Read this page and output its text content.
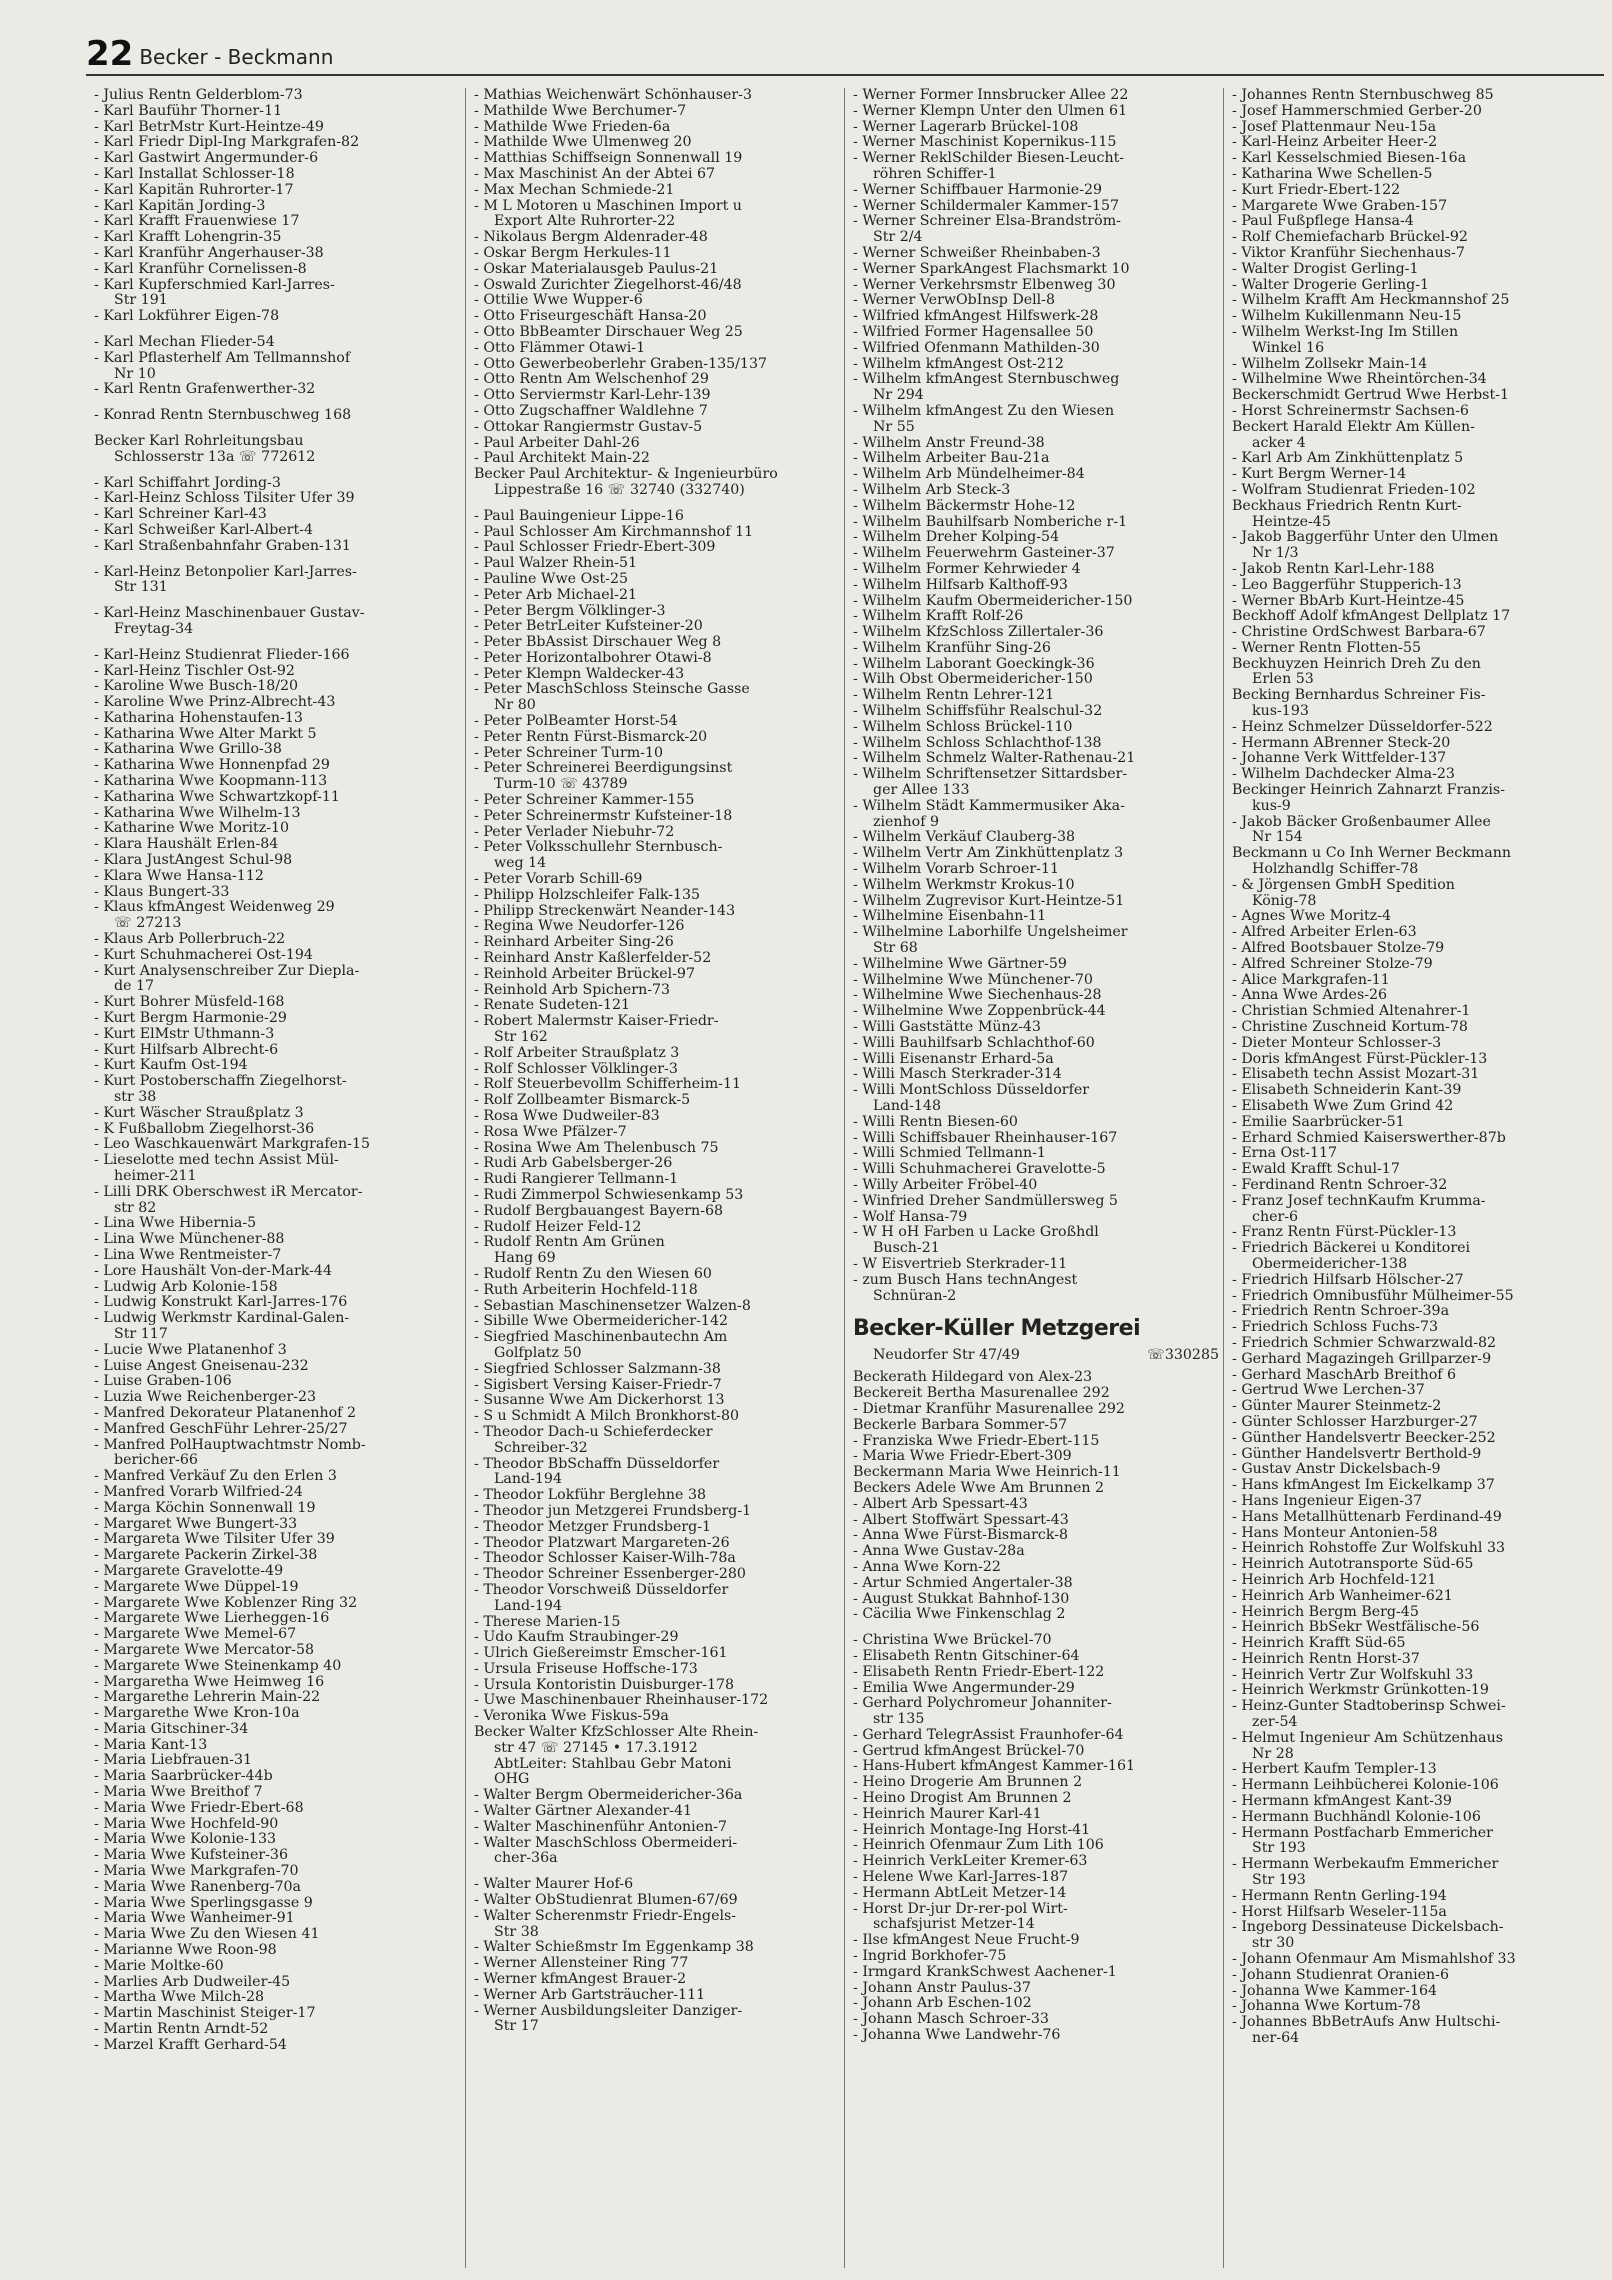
22 Becker - Beckmann
- Julius Rentn Gelderblom-73
- Karl Bauführ Thorner-11
- Karl BetrMstr Kurt-Heintze-49
- Karl Friedr Dipl-Ing Markgrafen-82
- Karl Gastwirt Angermunder-6
- Karl Installat Schlosser-18
- Karl Kapitän Ruhrorter-17
- Karl Kapitän Jording-3
- Karl Krafft Frauenwiese 17
- Karl Krafft Lohengrin-35
- Karl Kranführ Angerhauser-38
- Karl Kranführ Cornelissen-8
- Karl Kupferschmied Karl-Jarres-
Str 191
- Karl Lokführer Eigen-78
- Karl Mechan Flieder-54
- Karl Pflasterhelf Am Tellmannshof
Nr 10
- Karl Rentn Grafenwerther-32
- Konrad Rentn Sternbuschweg 168
Becker Karl Rohrleitungsbau
Schlosserstr 13a ☏ 772612
- Karl Schiffahrt Jording-3
- Karl-Heinz Schloss Tilsiter Ufer 39
- Karl Schreiner Karl-43
- Karl Schweißer Karl-Albert-4
- Karl Straßenbahnfahr Graben-131
- Karl-Heinz Betonpolier Karl-Jarres-
Str 131
- Karl-Heinz Maschinenbauer Gustav-
Freytag-34
- Karl-Heinz Studienrat Flieder-166
- Karl-Heinz Tischler Ost-92
- Karoline Wwe Busch-18/20
- Karoline Wwe Prinz-Albrecht-43
- Katharina Hohenstaufen-13
- Katharina Wwe Alter Markt 5
- Katharina Wwe Grillo-38
- Katharina Wwe Honnenpfad 29
- Katharina Wwe Koopmann-113
- Katharina Wwe Schwartzkopf-11
- Katharina Wwe Wilhelm-13
- Katharine Wwe Moritz-10
- Klara Haushält Erlen-84
- Klara JustAngest Schul-98
- Klara Wwe Hansa-112
- Klaus Bungert-33
- Klaus kfmAngest Weidenweg 29
☏ 27213
- Klaus Arb Pollerbruch-22
- Kurt Schuhmacherei Ost-194
- Kurt Analysenschreiber Zur Diepla-
de 17
- Kurt Bohrer Müsfeld-168
- Kurt Bergm Harmonie-29
- Kurt ElMstr Uthmann-3
- Kurt Hilfsarb Albrecht-6
- Kurt Kaufm Ost-194
- Kurt Postoberschaffn Ziegelhorst-
str 38
- Kurt Wäscher Straußplatz 3
- K Fußballobm Ziegelhorst-36
- Leo Waschkauenwärt Markgrafen-15
- Lieselotte med techn Assist Mül-
heimer-211
- Lilli DRK Oberschwest iR Mercator-
str 82
- Lina Wwe Hibernia-5
- Lina Wwe Münchener-88
- Lina Wwe Rentmeister-7
- Lore Haushält Von-der-Mark-44
- Ludwig Arb Kolonie-158
- Ludwig Konstrukt Karl-Jarres-176
- Ludwig Werkmstr Kardinal-Galen-
Str 117
- Lucie Wwe Platanenhof 3
- Luise Angest Gneisenau-232
- Luise Graben-106
- Luzia Wwe Reichenberger-23
- Manfred Dekorateur Platanenhof 2
- Manfred GeschFühr Lehrer-25/27
- Manfred PolHauptwachtmstr Nomb-
bericher-66
- Manfred Verkäuf Zu den Erlen 3
- Manfred Vorarb Wilfried-24
- Marga Köchin Sonnenwall 19
- Margaret Wwe Bungert-33
- Margareta Wwe Tilsiter Ufer 39
- Margarete Packerin Zirkel-38
- Margarete Gravelotte-49
- Margarete Wwe Düppel-19
- Margarete Wwe Koblenzer Ring 32
- Margarete Wwe Lierheggen-16
- Margarete Wwe Memel-67
- Margarete Wwe Mercator-58
- Margarete Wwe Steinenkamp 40
- Margaretha Wwe Heimweg 16
- Margarethe Lehrerin Main-22
- Margarethe Wwe Kron-10a
- Maria Gitschiner-34
- Maria Kant-13
- Maria Liebfrauen-31
- Maria Saarbrücker-44b
- Maria Wwe Breithof 7
- Maria Wwe Friedr-Ebert-68
- Maria Wwe Hochfeld-90
- Maria Wwe Kolonie-133
- Maria Wwe Kufsteiner-36
- Maria Wwe Markgrafen-70
- Maria Wwe Ranenberg-70a
- Maria Wwe Sperlingsgasse 9
- Maria Wwe Wanheimer-91
- Maria Wwe Zu den Wiesen 41
- Marianne Wwe Roon-98
- Marie Moltke-60
- Marlies Arb Dudweiler-45
- Martha Wwe Milch-28
- Martin Maschinist Steiger-17
- Martin Rentn Arndt-52
- Marzel Krafft Gerhard-54
- Mathias Weichenwärt Schönhauser-3
- Mathilde Wwe Berchumer-7
- Mathilde Wwe Frieden-6a
- Mathilde Wwe Ulmenweg 20
- Matthias Schiffseign Sonnenwall 19
- Max Maschinist An der Abtei 67
- Max Mechan Schmiede-21
- M L Motoren u Maschinen Import u
Export Alte Ruhrorter-22
- Nikolaus Bergm Aldenrader-48
- Oskar Bergm Herkules-11
- Oskar Materialausgeb Paulus-21
- Oswald Zurichter Ziegelhorst-46/48
- Ottilie Wwe Wupper-6
- Otto Friseurgeschäft Hansa-20
- Otto BbBeamter Dirschauer Weg 25
- Otto Flämmer Otawi-1
- Otto Gewerbeoberlehr Graben-135/137
- Otto Rentn Am Welschenhof 29
- Otto Serviermstr Karl-Lehr-139
- Otto Zugschaffner Waldlehne 7
- Ottokar Rangiermstr Gustav-5
- Paul Arbeiter Dahl-26
- Paul Architekt Main-22
Becker Paul Architektur- & Ingenieurbüro
Lippestraße 16 ☏ 32740 (332740)
- Paul Bauingenieur Lippe-16
- Paul Schlosser Am Kirchmannshof 11
- Paul Schlosser Friedr-Ebert-309
- Paul Walzer Rhein-51
- Pauline Wwe Ost-25
- Peter Arb Michael-21
- Peter Bergm Völklinger-3
- Peter BetrLeiter Kufsteiner-20
- Peter BbAssist Dirschauer Weg 8
- Peter Horizontalbohrer Otawi-8
- Peter Klempn Waldecker-43
- Peter MaschSchloss Steinsche Gasse
Nr 80
- Peter PolBeamter Horst-54
- Peter Rentn Fürst-Bismarck-20
- Peter Schreiner Turm-10
- Peter Schreinerei Beerdigungsinst
Turm-10 ☏ 43789
- Peter Schreiner Kammer-155
- Peter Schreinermstr Kufsteiner-18
- Peter Verlader Niebuhr-72
- Peter Volksschullehr Sternbusch-
weg 14
- Peter Vorarb Schill-69
- Philipp Holzschleifer Falk-135
- Philipp Streckenwärt Neander-143
- Regina Wwe Neudorfer-126
- Reinhard Arbeiter Sing-26
- Reinhard Anstr Kaßlerfelder-52
- Reinhold Arbeiter Brückel-97
- Reinhold Arb Spichern-73
- Renate Sudeten-121
- Robert Malermstr Kaiser-Friedr-
Str 162
- Rolf Arbeiter Straußplatz 3
- Rolf Schlosser Völklinger-3
- Rolf Steuerbevollm Schifferheim-11
- Rolf Zollbeamter Bismarck-5
- Rosa Wwe Dudweiler-83
- Rosa Wwe Pfälzer-7
- Rosina Wwe Am Thelenbusch 75
- Rudi Arb Gabelsberger-26
- Rudi Rangierer Tellmann-1
- Rudi Zimmerpol Schwiesenkamp 53
- Rudolf Bergbauangest Bayern-68
- Rudolf Heizer Feld-12
- Rudolf Rentn Am Grünen
Hang 69
- Rudolf Rentn Zu den Wiesen 60
- Ruth Arbeiterin Hochfeld-118
- Sebastian Maschinensetzer Walzen-8
- Sibille Wwe Obermeidericher-142
- Siegfried Maschinenbautechn Am
Golfplatz 50
- Siegfried Schlosser Salzmann-38
- Sigisbert Versing Kaiser-Friedr-7
- Susanne Wwe Am Dickerhorst 13
- S u Schmidt A Milch Bronkhorst-80
- Theodor Dach-u Schieferdecker
Schreiber-32
- Theodor BbSchaffn Düsseldorfer
Land-194
- Theodor Lokführ Berglehne 38
- Theodor jun Metzgerei Frundsberg-1
- Theodor Metzger Frundsberg-1
- Theodor Platzwart Margareten-26
- Theodor Schlosser Kaiser-Wilh-78a
- Theodor Schreiner Essenberger-280
- Theodor Vorschweiß Düsseldorfer
Land-194
- Therese Marien-15
- Udo Kaufm Straubinger-29
- Ulrich Gießereimstr Emscher-161
- Ursula Friseuse Hoffsche-173
- Ursula Kontoristin Duisburger-178
- Uwe Maschinenbauer Rheinhauser-172
- Veronika Wwe Fiskus-59a
Becker Walter KfzSchlosser Alte Rhein-
str 47 ☏ 27145 • 17.3.1912
AbtLeiter: Stahlbau Gebr Matoni
OHG
- Walter Bergm Obermeidericher-36a
- Walter Gärtner Alexander-41
- Walter Maschinenführ Antonien-7
- Walter MaschSchloss Obermeideri-
cher-36a
- Walter Maurer Hof-6
- Walter ObStudienrat Blumen-67/69
- Walter Scherenmstr Friedr-Engels-
Str 38
- Walter Schießmstr Im Eggenkamp 38
- Werner Allensteiner Ring 77
- Werner kfmAngest Brauer-2
- Werner Arb Gartsträucher-111
- Werner Ausbildungsleiter Danziger-
Str 17
- Werner Former Innsbrucker Allee 22
- Werner Klempn Unter den Ulmen 61
- Werner Lagerarb Brückel-108
- Werner Maschinist Kopernikus-115
- Werner ReklSchilder Biesen-Leucht-
röhren Schiffer-1
- Werner Schiffbauer Harmonie-29
- Werner Schildermaler Kammer-157
- Werner Schreiner Elsa-Brandström-
Str 2/4
- Werner Schweißer Rheinbaben-3
- Werner SparkAngest Flachsmarkt 10
- Werner Verkehrsmstr Elbenweg 30
- Werner VerwObInsp Dell-8
- Wilfried kfmAngest Hilfswerk-28
- Wilfried Former Hagensallee 50
- Wilfried Ofenmann Mathilden-30
- Wilhelm kfmAngest Ost-212
- Wilhelm kfmAngest Sternbuschweg
Nr 294
- Wilhelm kfmAngest Zu den Wiesen
Nr 55
- Wilhelm Anstr Freund-38
- Wilhelm Arbeiter Bau-21a
- Wilhelm Arb Mündelheimer-84
- Wilhelm Arb Steck-3
- Wilhelm Bäckermstr Hohe-12
- Wilhelm Bauhilfsarb Nomberiche r-1
- Wilhelm Dreher Kolping-54
- Wilhelm Feuerwehrm Gasteiner-37
- Wilhelm Former Kehrwieder 4
- Wilhelm Hilfsarb Kalthoff-93
- Wilhelm Kaufm Obermeidericher-150
- Wilhelm Krafft Rolf-26
- Wilhelm KfzSchloss Zillertaler-36
- Wilhelm Kranführ Sing-26
- Wilhelm Laborant Goeckingk-36
- Wilh Obst Obermeidericher-150
- Wilhelm Rentn Lehrer-121
- Wilhelm Schiffsführ Realschul-32
- Wilhelm Schloss Brückel-110
- Wilhelm Schloss Schlachthof-138
- Wilhelm Schmelz Walter-Rathenau-21
- Wilhelm Schriftensetzer Sittardsber-
ger Allee 133
- Wilhelm Städt Kammermusiker Aka-
zienhof 9
- Wilhelm Verkäuf Clauberg-38
- Wilhelm Vertr Am Zinkhüttenplatz 3
- Wilhelm Vorarb Schroer-11
- Wilhelm Werkmstr Krokus-10
- Wilhelm Zugrevisor Kurt-Heintze-51
- Wilhelmine Eisenbahn-11
- Wilhelmine Laborhilfe Ungelsheimer
Str 68
- Wilhelmine Wwe Gärtner-59
- Wilhelmine Wwe Münchener-70
- Wilhelmine Wwe Siechenhaus-28
- Wilhelmine Wwe Zoppenbrück-44
- Willi Gaststätte Münz-43
- Willi Bauhilfsarb Schlachthof-60
- Willi Eisenanstr Erhard-5a
- Willi Masch Sterkrader-314
- Willi MontSchloss Düsseldorfer
Land-148
- Willi Rentn Biesen-60
- Willi Schiffsbauer Rheinhauser-167
- Willi Schmied Tellmann-1
- Willi Schuhmacherei Gravelotte-5
- Willy Arbeiter Fröbel-40
- Winfried Dreher Sandmüllersweg 5
- Wolf Hansa-79
- W H oH Farben u Lacke Großhdl
Busch-21
- W Eisvertrieb Sterkrader-11
- zum Busch Hans technAngest
Schnüran-2
Becker-Küller Metzgerei
Neudorfer Str 47/49	☏330285
Beckerath Hildegard von Alex-23
Beckereit Bertha Masurenallee 292
- Dietmar Kranführ Masurenallee 292
Beckerle Barbara Sommer-57
- Franziska Wwe Friedr-Ebert-115
- Maria Wwe Friedr-Ebert-309
Beckermann Maria Wwe Heinrich-11
Beckers Adele Wwe Am Brunnen 2
- Albert Arb Spessart-43
- Albert Stoffwärt Spessart-43
- Anna Wwe Fürst-Bismarck-8
- Anna Wwe Gustav-28a
- Anna Wwe Korn-22
- Artur Schmied Angertaler-38
- August Stukkat Bahnhof-130
- Cäcilia Wwe Finkenschlag 2
- Christina Wwe Brückel-70
- Elisabeth Rentn Gitschiner-64
- Elisabeth Rentn Friedr-Ebert-122
- Emilia Wwe Angermunder-29
- Gerhard Polychromeur Johanniter-
str 135
- Gerhard TelegrAssist Fraunhofer-64
- Gertrud kfmAngest Brückel-70
- Hans-Hubert kfmAngest Kammer-161
- Heino Drogerie Am Brunnen 2
- Heino Drogist Am Brunnen 2
- Heinrich Maurer Karl-41
- Heinrich Montage-Ing Horst-41
- Heinrich Ofenmaur Zum Lith 106
- Heinrich VerkLeiter Kremer-63
- Helene Wwe Karl-Jarres-187
- Hermann AbtLeit Metzer-14
- Horst Dr-jur Dr-rer-pol Wirt-
schafsjurist Metzer-14
- Ilse kfmAngest Neue Frucht-9
- Ingrid Borkhofer-75
- Irmgard KrankSchwest Aachener-1
- Johann Anstr Paulus-37
- Johann Arb Eschen-102
- Johann Masch Schroer-33
- Johanna Wwe Landwehr-76
- Johannes Rentn Sternbuschweg 85
- Josef Hammerschmied Gerber-20
- Josef Plattenmaur Neu-15a
- Karl-Heinz Arbeiter Heer-2
- Karl Kesselschmied Biesen-16a
- Katharina Wwe Schellen-5
- Kurt Friedr-Ebert-122
- Margarete Wwe Graben-157
- Paul Fußpflege Hansa-4
- Rolf Chemiefacharb Brückel-92
- Viktor Kranführ Siechenhaus-7
- Walter Drogist Gerling-1
- Walter Drogerie Gerling-1
- Wilhelm Krafft Am Heckmannshof 25
- Wilhelm Kukillenmann Neu-15
- Wilhelm Werkst-Ing Im Stillen
Winkel 16
- Wilhelm Zollsekr Main-14
- Wilhelmine Wwe Rheintörchen-34
Beckerschmidt Gertrud Wwe Herbst-1
- Horst Schreinermstr Sachsen-6
Beckert Harald Elektr Am Küllen-
acker 4
- Karl Arb Am Zinkhüttenplatz 5
- Kurt Bergm Werner-14
- Wolfram Studienrat Frieden-102
Beckhaus Friedrich Rentn Kurt-
Heintze-45
- Jakob Baggerführ Unter den Ulmen
Nr 1/3
- Jakob Rentn Karl-Lehr-188
- Leo Baggerführ Stupperich-13
- Werner BbArb Kurt-Heintze-45
Beckhoff Adolf kfmAngest Dellplatz 17
- Christine OrdSchwest Barbara-67
- Werner Rentn Flotten-55
Beckhuyzen Heinrich Dreh Zu den
Erlen 53
Becking Bernhardus Schreiner Fis-
kus-193
- Heinz Schmelzer Düsseldorfer-522
- Hermann ABrenner Steck-20
- Johanne Verk Wittfelder-137
- Wilhelm Dachdecker Alma-23
Beckinger Heinrich Zahnarzt Franzis-
kus-9
- Jakob Bäcker Großenbaumer Allee
Nr 154
Beckmann u Co Inh Werner Beckmann
Holzhandlg Schiffer-78
- & Jörgensen GmbH Spedition
König-78
- Agnes Wwe Moritz-4
- Alfred Arbeiter Erlen-63
- Alfred Bootsbauer Stolze-79
- Alfred Schreiner Stolze-79
- Alice Markgrafen-11
- Anna Wwe Ardes-26
- Christian Schmied Altenahrer-1
- Christine Zuschneid Kortum-78
- Dieter Monteur Schlosser-3
- Doris kfmAngest Fürst-Pückler-13
- Elisabeth techn Assist Mozart-31
- Elisabeth Schneiderin Kant-39
- Elisabeth Wwe Zum Grind 42
- Emilie Saarbrücker-51
- Erhard Schmied Kaiserswerther-87b
- Erna Ost-117
- Ewald Krafft Schul-17
- Ferdinand Rentn Schroer-32
- Franz Josef technKaufm Krumma-
cher-6
- Franz Rentn Fürst-Pückler-13
- Friedrich Bäckerei u Konditorei
Obermeidericher-138
- Friedrich Hilfsarb Hölscher-27
- Friedrich Omnibusführ Mülheimer-55
- Friedrich Rentn Schroer-39a
- Friedrich Schloss Fuchs-73
- Friedrich Schmier Schwarzwald-82
- Gerhard Magazingeh Grillparzer-9
- Gerhard MaschArb Breithof 6
- Gertrud Wwe Lerchen-37
- Günter Maurer Steinmetz-2
- Günter Schlosser Harzburger-27
- Günther Handelsvertr Beecker-252
- Günther Handelsvertr Berthold-9
- Gustav Anstr Dickelsbach-9
- Hans kfmAngest Im Eickelkamp 37
- Hans Ingenieur Eigen-37
- Hans Metallhüttenarb Ferdinand-49
- Hans Monteur Antonien-58
- Heinrich Rohstoffe Zur Wolfskuhl 33
- Heinrich Autotransporte Süd-65
- Heinrich Arb Hochfeld-121
- Heinrich Arb Wanheimer-621
- Heinrich Bergm Berg-45
- Heinrich BbSekr Westfälische-56
- Heinrich Krafft Süd-65
- Heinrich Rentn Horst-37
- Heinrich Vertr Zur Wolfskuhl 33
- Heinrich Werkmstr Grünkotten-19
- Heinz-Gunter Stadtoberinsp Schwei-
zer-54
- Helmut Ingenieur Am Schützenhaus
Nr 28
- Herbert Kaufm Templer-13
- Hermann Leihbücherei Kolonie-106
- Hermann kfmAngest Kant-39
- Hermann Buchhändl Kolonie-106
- Hermann Postfacharb Emmericher
Str 193
- Hermann Werbekaufm Emmericher
Str 193
- Hermann Rentn Gerling-194
- Horst Hilfsarb Weseler-115a
- Ingeborg Dessinateuse Dickelsbach-
str 30
- Johann Ofenmaur Am Mismahlshof 33
- Johann Studienrat Oranien-6
- Johanna Wwe Kammer-164
- Johanna Wwe Kortum-78
- Johannes BbBetrAufs Anw Hultschi-
ner-64
